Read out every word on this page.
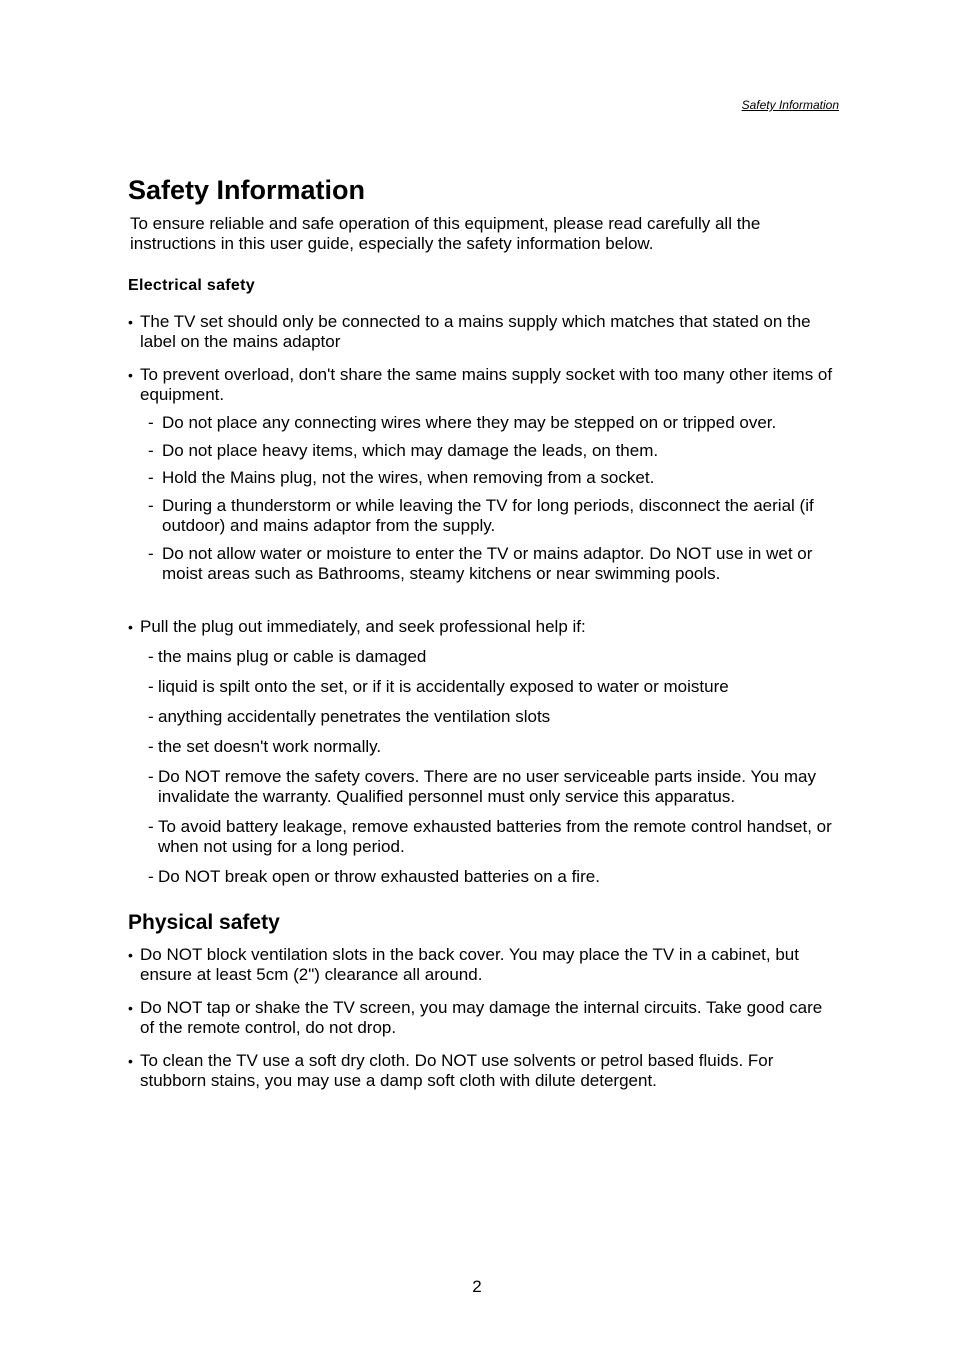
Safety Information
Safety Information

To ensure reliable and safe operation of this equipment, please read carefully all the instructions in this user guide, especially the safety information below.

Electrical safety

• The TV set should only be connected to a mains supply which matches that stated on the label on the mains adaptor

• To prevent overload, don't share the same mains supply socket with too many other items of equipment.

- Do not place any connecting wires where they may be stepped on or tripped over.

- Do not place heavy items, which may damage the leads, on them.

- Hold the Mains plug, not the wires, when removing from a socket.

- During a thunderstorm or while leaving the TV for long periods, disconnect the aerial (if outdoor) and mains adaptor from the supply.

- Do not allow water or moisture to enter the TV or mains adaptor. Do NOT use in wet or moist areas such as Bathrooms, steamy kitchens or near swimming pools.

• Pull the plug out immediately, and seek professional help if:

- the mains plug or cable is damaged

- liquid is spilt onto the set, or if it is accidentally exposed to water or moisture

- anything accidentally penetrates the ventilation slots

- the set doesn't work normally.

- Do NOT remove the safety covers. There are no user serviceable parts inside. You may invalidate the warranty. Qualified personnel must only service this apparatus.

- To avoid battery leakage, remove exhausted batteries from the remote control handset, or when not using for a long period.

- Do NOT break open or throw exhausted batteries on a fire.

Physical safety

• Do NOT block ventilation slots in the back cover. You may place the TV in a cabinet, but ensure at least 5cm (2") clearance all around.

• Do NOT tap or shake the TV screen, you may damage the internal circuits. Take good care of the remote control, do not drop.

• To clean the TV use a soft dry cloth. Do NOT use solvents or petrol based fluids. For stubborn stains, you may use a damp soft cloth with dilute detergent.

2
